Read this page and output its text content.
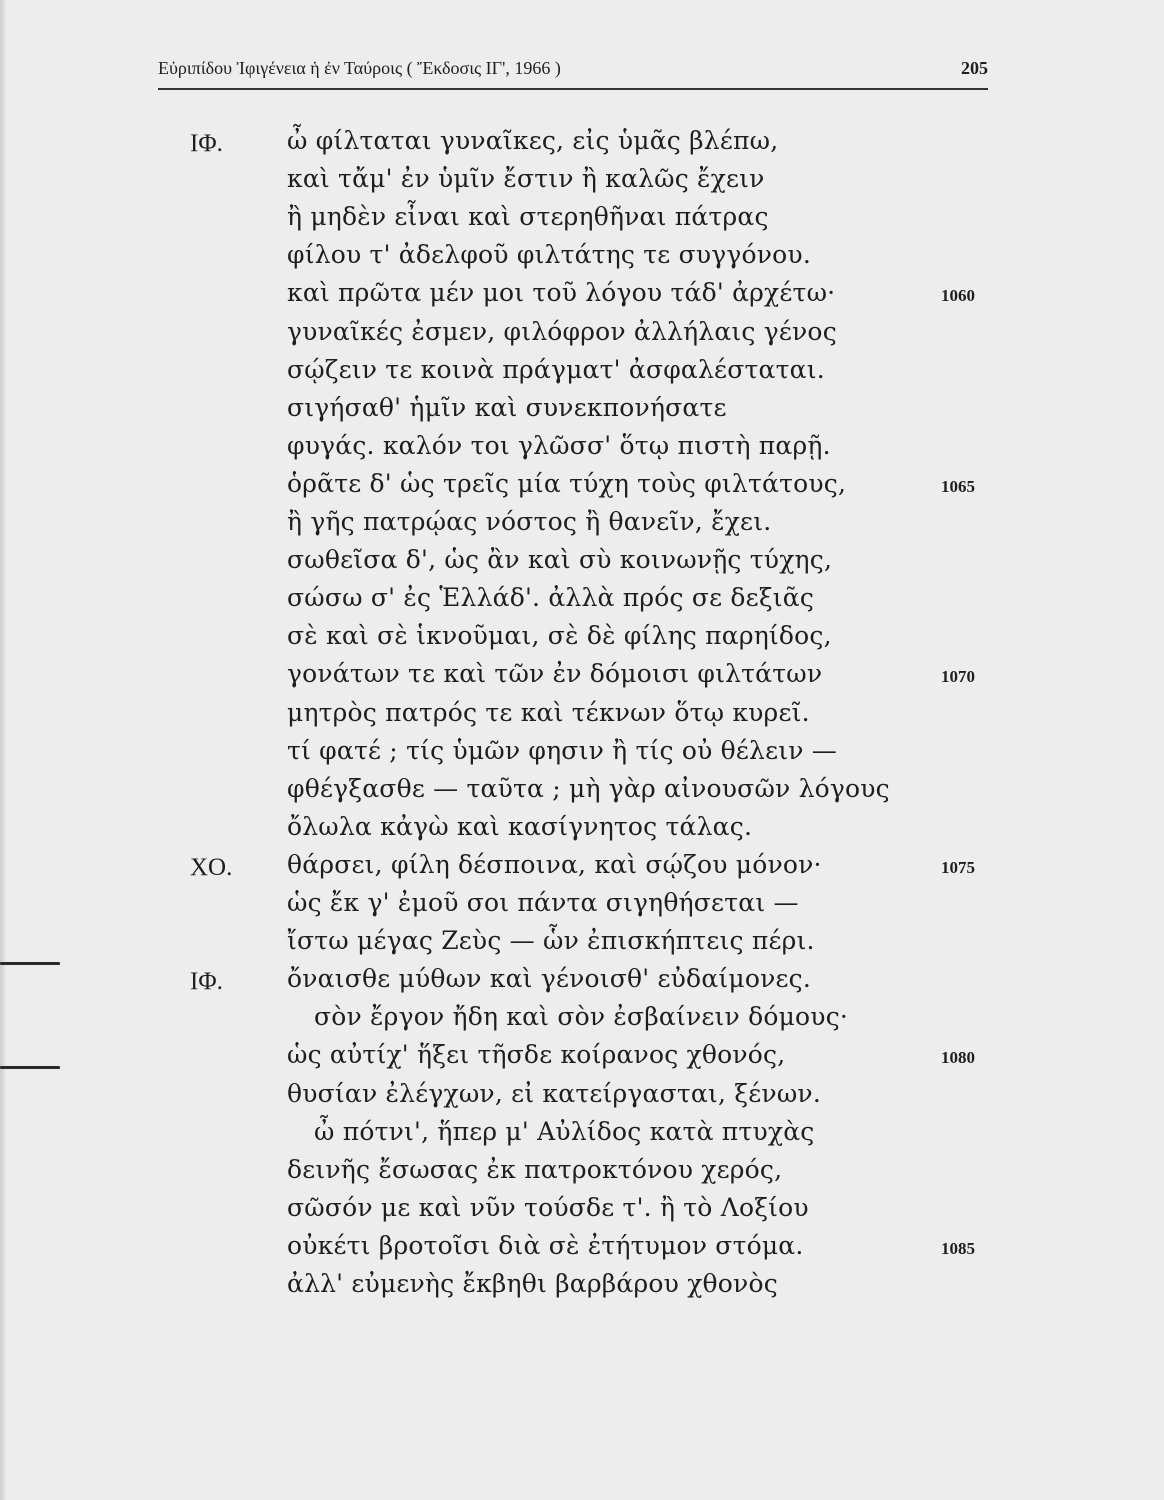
Εὐριπίδου Ἰφιγένεια ἡ ἐν Ταύροις ( Ἔκδοσις ΙΓ', 1966 )	205
ΙΦ.	ὦ φίλταται γυναῖκες, εἰς ὑμᾶς βλέπω,
καὶ τἄμ' ἐν ὑμῖν ἔστιν ἢ καλῶς ἔχειν
ἢ μηδὲν εἶναι καὶ στερηθῆναι πάτρας
φίλου τ' ἀδελφοῦ φιλτάτης τε συγγόνου.
καὶ πρῶτα μέν μοι τοῦ λόγου τάδ' ἀρχέτω·	1060
γυναῖκές ἐσμεν, φιλόφρον ἀλλήλαις γένος
σῴζειν τε κοινὰ πράγματ' ἀσφαλέσταται.
σιγήσαθ' ἡμῖν καὶ συνεκπονήσατε
φυγάς. καλόν τοι γλῶσσ' ὅτῳ πιστὴ παρῇ.
ὁρᾶτε δ' ὡς τρεῖς μία τύχη τοὺς φιλτάτους,	1065
ἢ γῆς πατρῴας νόστος ἢ θανεῖν, ἔχει.
σωθεῖσα δ', ὡς ἂν καὶ σὺ κοινωνῇς τύχης,
σώσω σ' ἐς Ἑλλάδ'. ἀλλὰ πρός σε δεξιᾶς
σὲ καὶ σὲ ἱκνοῦμαι, σὲ δὲ φίλης παρηίδος,
γονάτων τε καὶ τῶν ἐν δόμοισι φιλτάτων	1070
μητρὸς πατρός τε καὶ τέκνων ὅτῳ κυρεῖ.
τί φατέ ; τίς ὑμῶν φησιν ἢ τίς οὐ θέλειν —
φθέγξασθε — ταῦτα ; μὴ γὰρ αἰνουσῶν λόγους
ὄλωλα κἀγὼ καὶ κασίγνητος τάλας.
ΧΟ. θάρσει, φίλη δέσποινα, καὶ σῴζου μόνον·	1075
ὡς ἔκ γ' ἐμοῦ σοι πάντα σιγηθήσεται —
ἴστω μέγας Ζεὺς — ὧν ἐπισκήπτεις πέρι.
ΙΦ.	ὄναισθε μύθων καὶ γένοισθ' εὐδαίμονες.
σὸν ἔργον ἤδη καὶ σὸν ἐσβαίνειν δόμους·
ὡς αὐτίχ' ἥξει τῆσδε κοίρανος χθονός,	1080
θυσίαν ἐλέγχων, εἰ κατείργασται, ξένων.
ὦ πότνι', ἥπερ μ' Αὐλίδος κατὰ πτυχὰς
δεινῆς ἔσωσας ἐκ πατροκτόνου χερός,
σῶσόν με καὶ νῦν τούσδε τ'. ἢ τὸ Λοξίου
οὐκέτι βροτοῖσι διὰ σὲ ἐτήτυμον στόμα.	1085
ἀλλ' εὐμενὴς ἔκβηθι βαρβάρου χθονὸς
